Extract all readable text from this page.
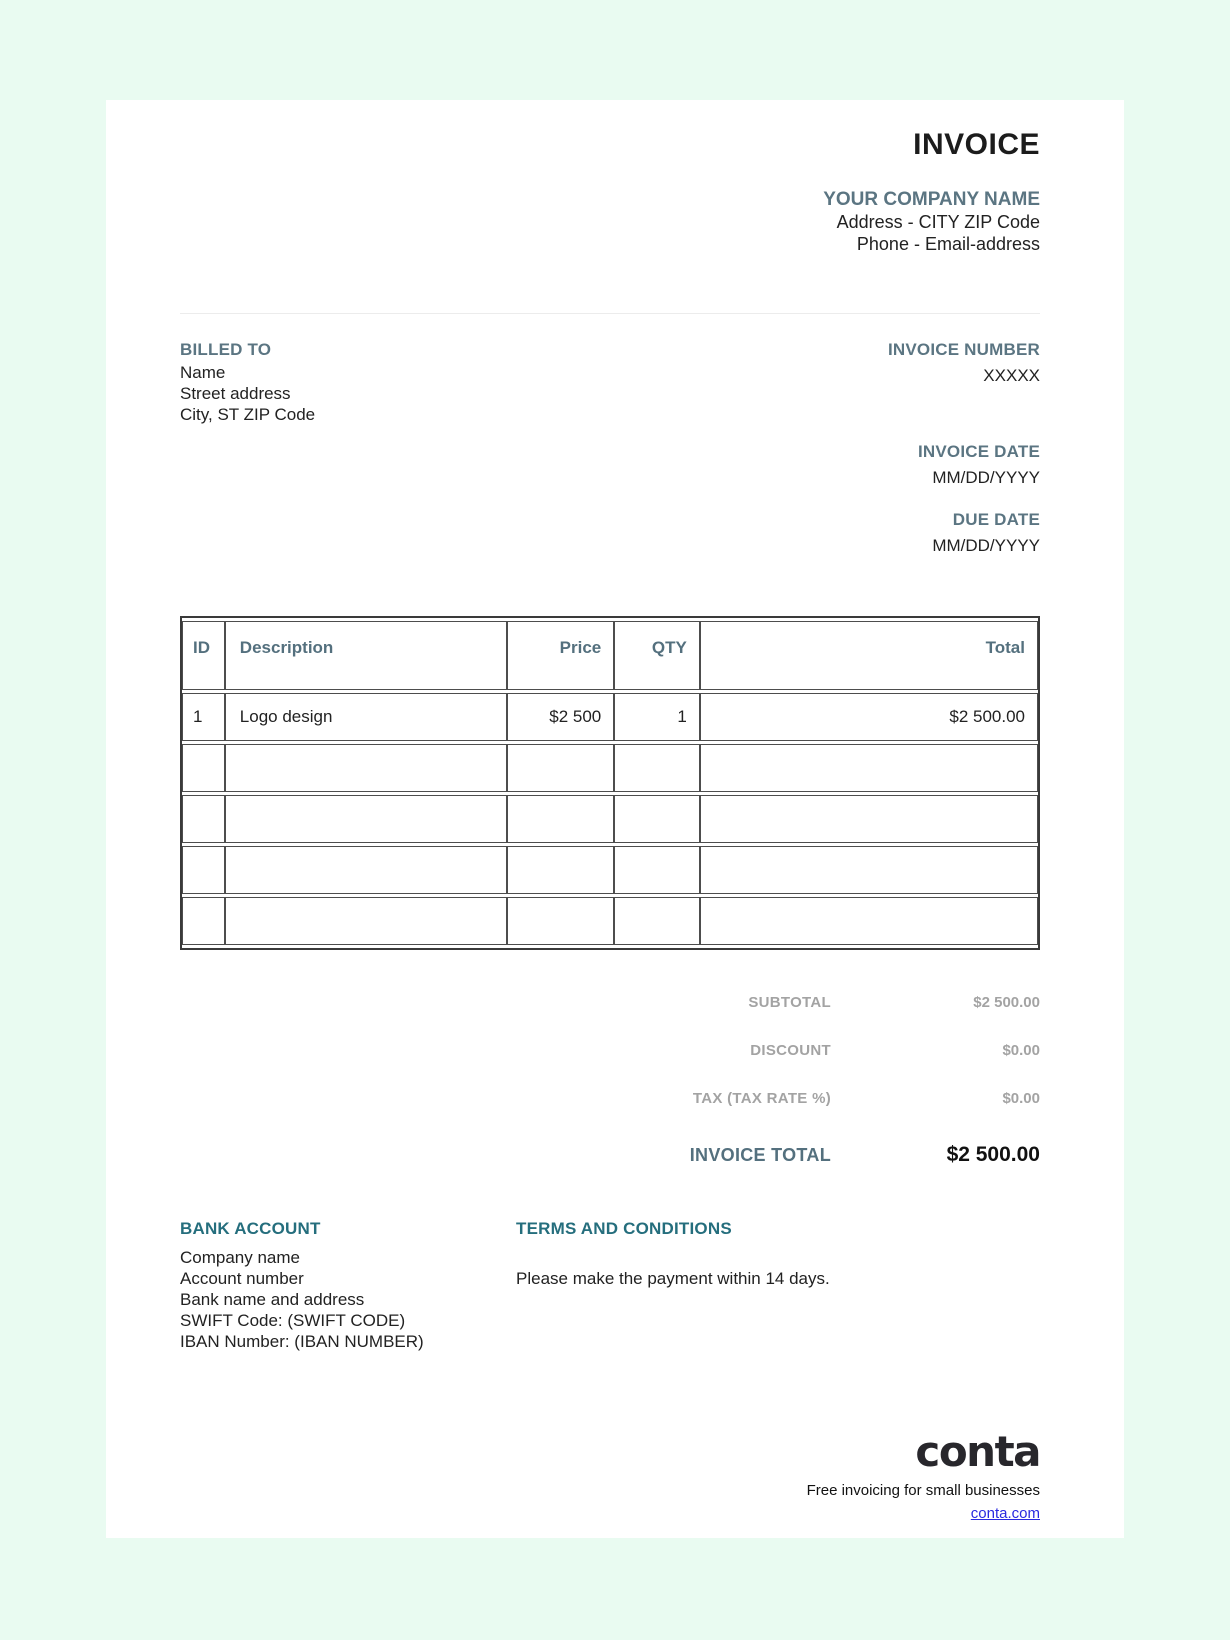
INVOICE
YOUR COMPANY NAME
Address - CITY ZIP Code
Phone - Email-address
BILLED TO
Name
Street address
City, ST ZIP Code
INVOICE NUMBER
XXXXX
INVOICE DATE
MM/DD/YYYY
DUE DATE
MM/DD/YYYY
ID	Description	Price	QTY	Total
1	Logo design	$2 500	1	$2 500.00

SUBTOTAL	$2 500.00
DISCOUNT	$0.00
TAX (TAX RATE %)	$0.00
INVOICE TOTAL	$2 500.00
BANK ACCOUNT
Company name
Account number
Bank name and address
SWIFT Code: (SWIFT CODE)
IBAN Number: (IBAN NUMBER)
TERMS AND CONDITIONS
Please make the payment within 14 days.
conta
Free invoicing for small businesses
conta.com
